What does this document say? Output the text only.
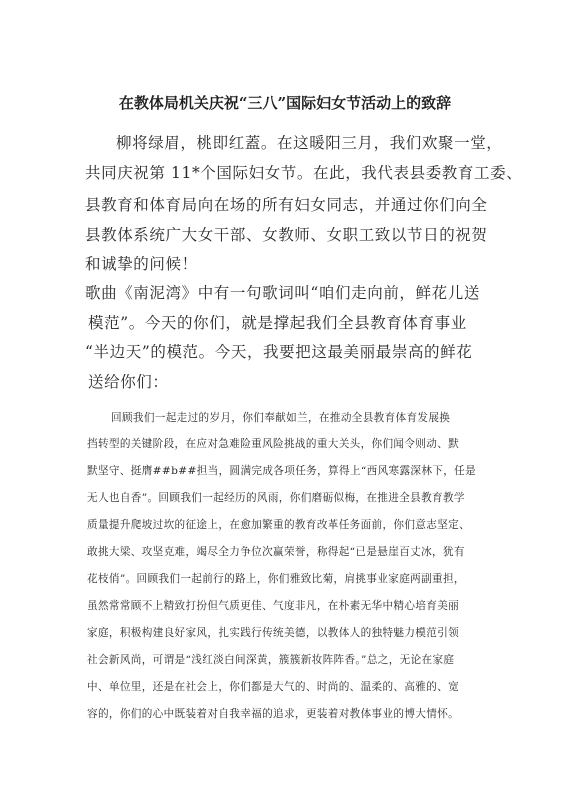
在教体局机关庆祝“三八”国际妇女节活动上的致辞
柳将绿眉，桃即红蓋。在这暖阳三月，我们欢聚一堂，
共同庆祝第 11*个国际妇女节。在此，我代表县委教育工委、
县教育和体育局向在场的所有妇女同志，并通过你们向全
县教体系统广大女干部、女教师、女职工致以节日的祝贺
和诚挚的问候！
歌曲《南泥湾》中有一句歌词叫“咱们走向前，鲜花儿送
模范”。今天的你们，就是撑起我们全县教育体育事业
“半边天”的模范。今天，我要把这最美丽最崇高的鲜花
送给你们：
回顾我们一起走过的岁月，你们奉献如兰，在推动全县教育体育发展换
挡转型的关键阶段，在应对急难险重风险挑战的重大关头，你们闻令则动、默
默坚守、挺膺##b##担当，圆满完成各项任务，算得上“西风寒露深林下，任是
无人也自香”。回顾我们一起经历的风雨，你们磨砺似梅，在推进全县教育教学
质量提升爬坡过坎的征途上，在愈加繁重的教育改革任务面前，你们意志坚定、
敢挑大梁、攻坚克难，竭尽全力争位次赢荣誉，称得起“已是悬崖百丈冰，犹有
花枝俏”。回顾我们一起前行的路上，你们雅致比菊，肩挑事业家庭两副重担，
虽然常常顾不上精致打扮但气质更佳、气度非凡，在朴素无华中精心培育美丽
家庭，积极构建良好家风，扎实践行传统美德，以教体人的独特魅力模范引领
社会新风尚，可谓是“浅红淡白间深黄，簇簇新妆阵阵香。”总之，无论在家庭
中、单位里，还是在社会上，你们都是大气的、时尚的、温柔的、高雅的、宽
容的，你们的心中既装着对自我幸福的追求，更装着对教体事业的博大情怀。
